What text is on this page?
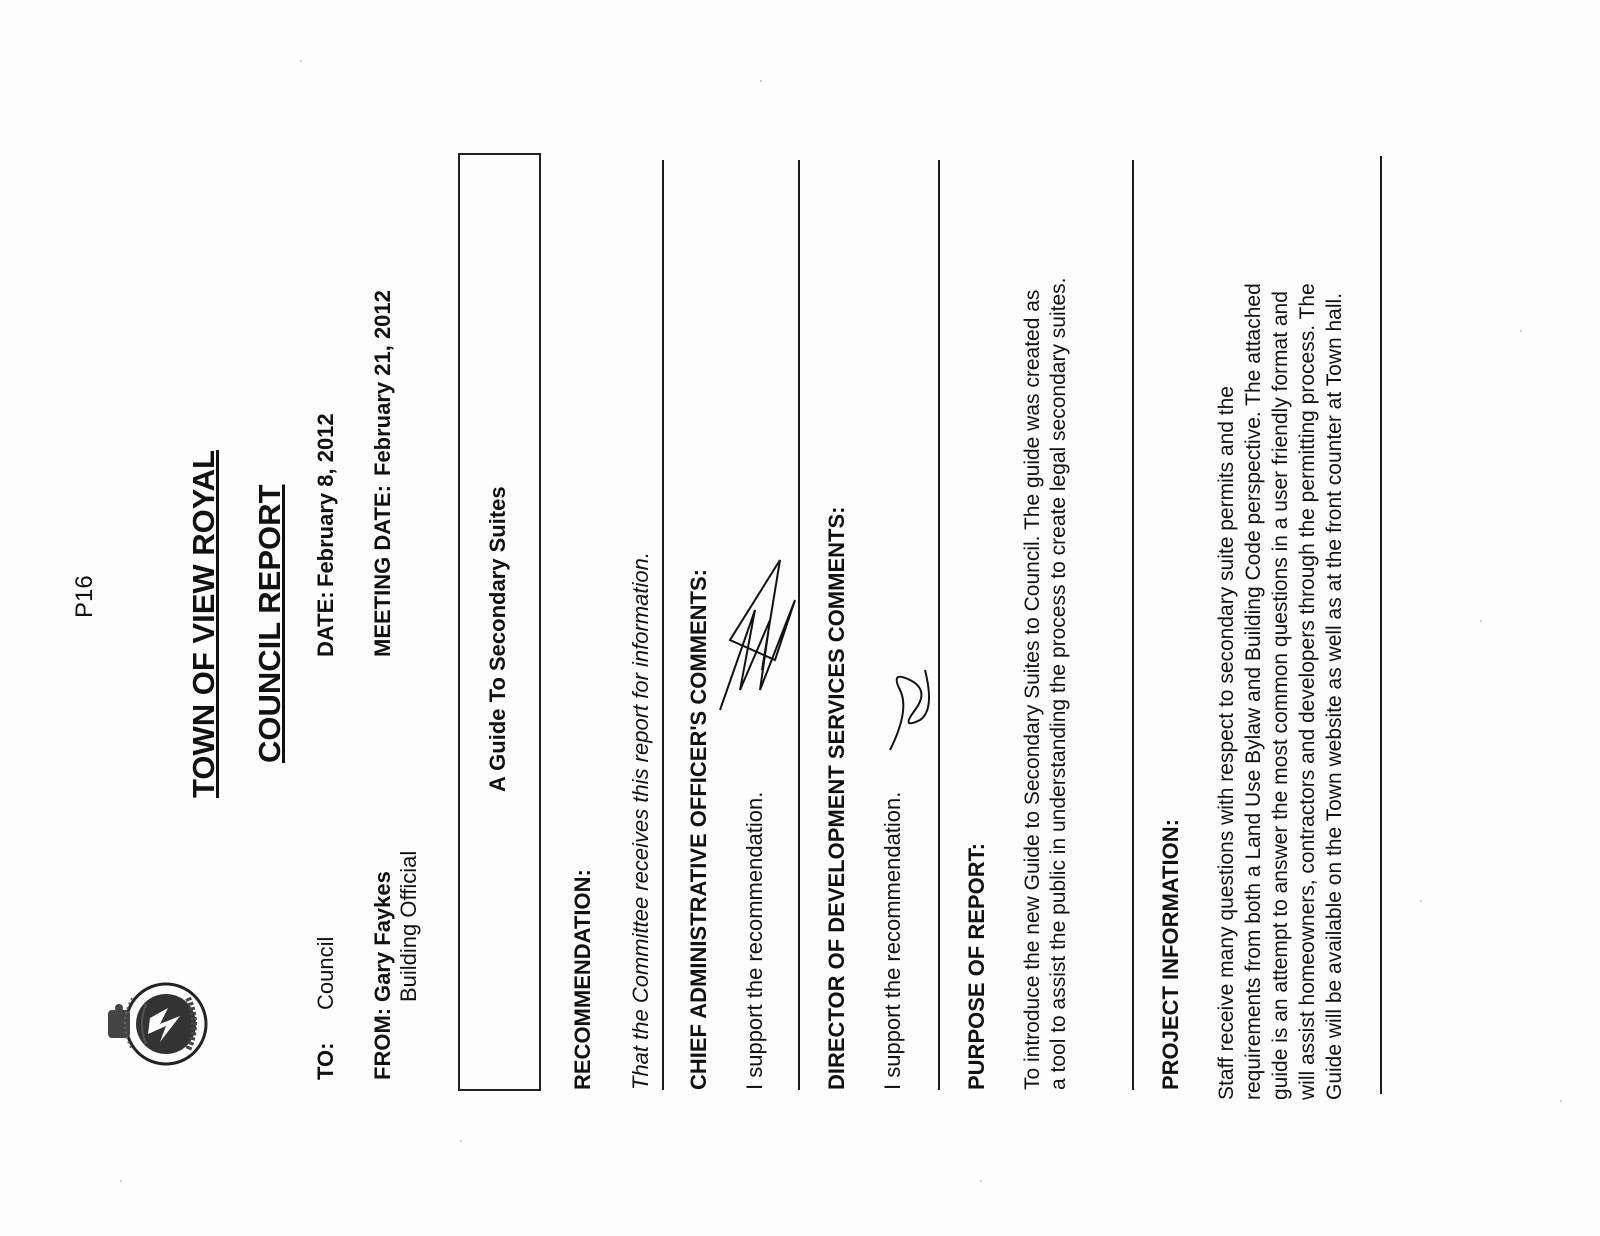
P16	TOWN OF VIEW ROYAL COUNCIL REPORT
TO:
Council
FROM:
Gary Faykes Building Official
DATE:
February 8, 2012 MEETING DATE:
February 21, 2012
A Guide To Secondary Suites
RECOMMENDATION: That the Committee receives this report for information. CHIEF ADMINISTRATIVE OFFICER'S COMMENTS: I support the recommendation.	DIRECTOR OF DEVELOPMENT SERVICES COMMENTS: I support the recommendation.	PURPOSE OF REPORT: To introduce the new Guide to Secondary Suites to Council. The guide was created as a tool to assist the public in understanding the process to create legal secondary suites.	PROJECT INFORMATION: Staff receive many questions with respect to secondary suite permits and the requirements from both a Land Use Bylaw and Building Code perspective. The attached guide is an attempt to answer the most common questions in a user friendly format and will assist homeowners, contractors and developers through the permitting process. The Guide will be available on the Town website as well as at the front counter at Town hall.
